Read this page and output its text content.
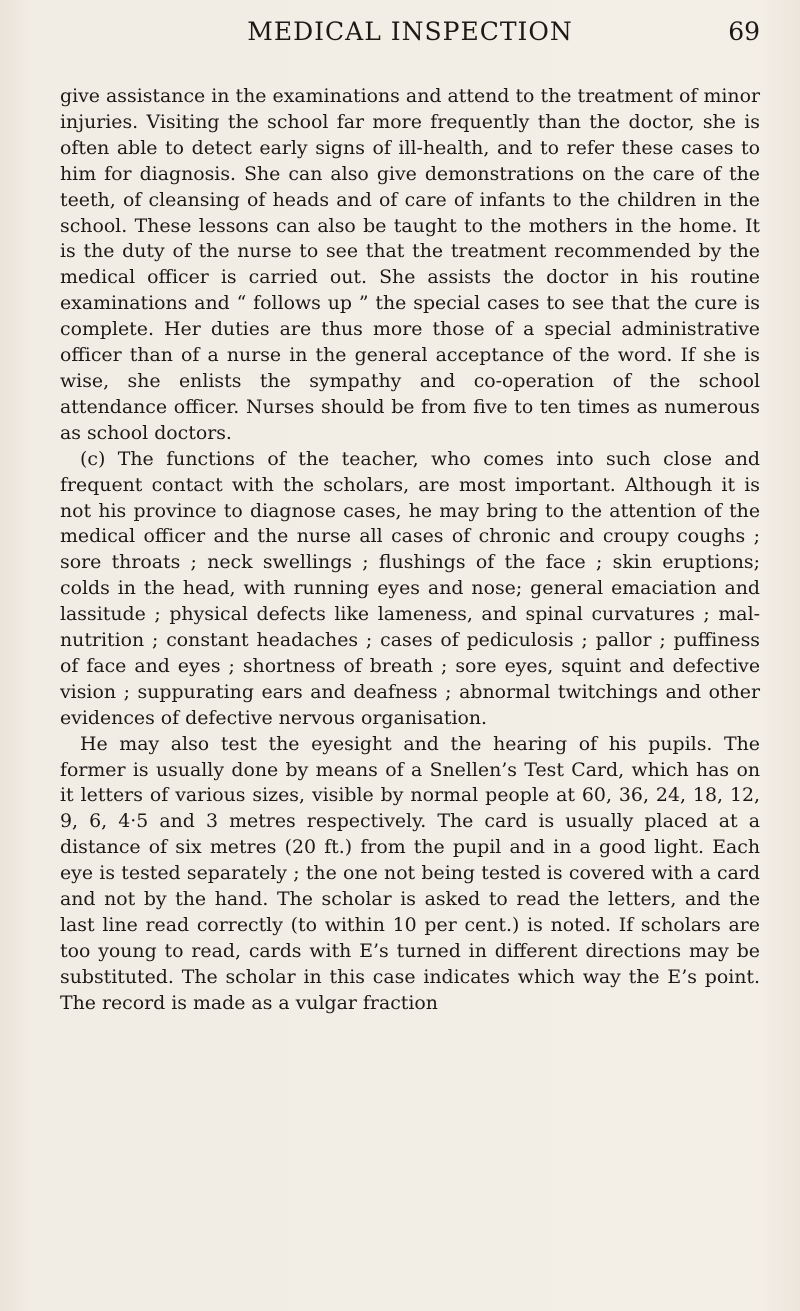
MEDICAL INSPECTION	69

give assistance in the examinations and attend to the treatment of minor injuries. Visiting the school far more frequently than the doctor, she is often able to detect early signs of ill-health, and to refer these cases to him for diagnosis. She can also give demonstrations on the care of the teeth, of cleansing of heads and of care of infants to the children in the school. These lessons can also be taught to the mothers in the home. It is the duty of the nurse to see that the treatment recommended by the medical officer is carried out. She assists the doctor in his routine examinations and “ follows up ” the special cases to see that the cure is complete. Her duties are thus more those of a special administrative officer than of a nurse in the general acceptance of the word. If she is wise, she enlists the sympathy and co-operation of the school attendance officer. Nurses should be from five to ten times as numerous as school doctors.

(c) The functions of the teacher, who comes into such close and frequent contact with the scholars, are most important. Although it is not his province to diagnose cases, he may bring to the attention of the medical officer and the nurse all cases of chronic and croupy coughs ; sore throats ; neck swellings ; flushings of the face ; skin eruptions; colds in the head, with running eyes and nose; general emaciation and lassitude ; physical defects like lameness, and spinal curvatures ; mal-nutrition ; constant headaches ; cases of pediculosis ; pallor ; puffiness of face and eyes ; shortness of breath ; sore eyes, squint and defective vision ; suppurating ears and deafness ; abnormal twitchings and other evidences of defective nervous organisation.

He may also test the eyesight and the hearing of his pupils. The former is usually done by means of a Snellen’s Test Card, which has on it letters of various sizes, visible by normal people at 60, 36, 24, 18, 12, 9, 6, 4·5 and 3 metres respectively. The card is usually placed at a distance of six metres (20 ft.) from the pupil and in a good light. Each eye is tested separately ; the one not being tested is covered with a card and not by the hand. The scholar is asked to read the letters, and the last line read correctly (to within 10 per cent.) is noted. If scholars are too young to read, cards with E’s turned in different directions may be substituted. The scholar in this case indicates which way the E’s point. The record is made as a vulgar fraction
